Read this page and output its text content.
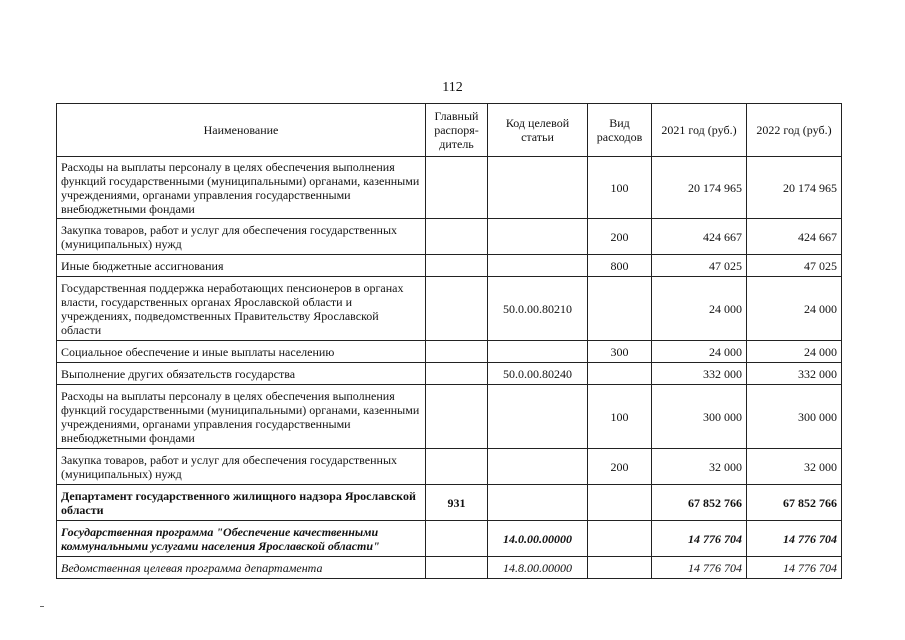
112
Наименование	Главный распоря-дитель	Код целевой статьи	Вид расходов	2021 год (руб.)	2022 год (руб.)
Расходы на выплаты персоналу в целях обеспечения выполнения функций государственными (муниципальными) органами, казенными учреждениями, органами управления государственными внебюджетными фондами			100	20 174 965	20 174 965
Закупка товаров, работ и услуг для обеспечения государственных (муниципальных) нужд			200	424 667	424 667
Иные бюджетные ассигнования			800	47 025	47 025
Государственная поддержка неработающих пенсионеров в органах власти, государственных органах Ярославской области и учреждениях, подведомственных Правительству Ярославской области		50.0.00.80210		24 000	24 000
Социальное обеспечение и иные выплаты населению			300	24 000	24 000
Выполнение других обязательств государства		50.0.00.80240		332 000	332 000
Расходы на выплаты персоналу в целях обеспечения выполнения функций государственными (муниципальными) органами, казенными учреждениями, органами управления государственными внебюджетными фондами			100	300 000	300 000
Закупка товаров, работ и услуг для обеспечения государственных (муниципальных) нужд			200	32 000	32 000
Департамент государственного жилищного надзора Ярославской области	931			67 852 766	67 852 766
Государственная программа "Обеспечение качественными коммунальными услугами населения Ярославской области"		14.0.00.00000		14 776 704	14 776 704
Ведомственная целевая программа департамента		14.8.00.00000		14 776 704	14 776 704
